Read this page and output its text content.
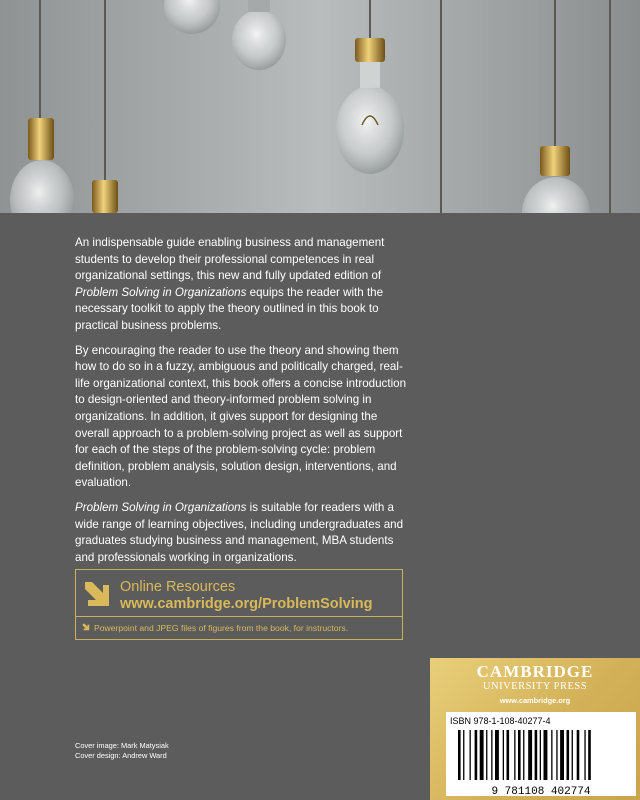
An indispensable guide enabling business and management students to develop their professional competences in real organizational settings, this new and fully updated edition of Problem Solving in Organizations equips the reader with the necessary toolkit to apply the theory outlined in this book to practical business problems.

By encouraging the reader to use the theory and showing them how to do so in a fuzzy, ambiguous and politically charged, real-life organizational context, this book offers a concise introduction to design-oriented and theory-informed problem solving in organizations. In addition, it gives support for designing the overall approach to a problem-solving project as well as support for each of the steps of the problem-solving cycle: problem definition, problem analysis, solution design, interventions, and evaluation.

Problem Solving in Organizations is suitable for readers with a wide range of learning objectives, including undergraduates and graduates studying business and management, MBA students and professionals working in organizations.

Online Resources
www.cambridge.org/ProblemSolving
Powerpoint and JPEG files of figures from the book, for instructors.
Cover image: Mark Matysiak
Cover design: Andrew Ward
CAMBRIDGE
UNIVERSITY PRESS
www.cambridge.org
ISBN 978-1-108-40277-4
9 781108 402774
